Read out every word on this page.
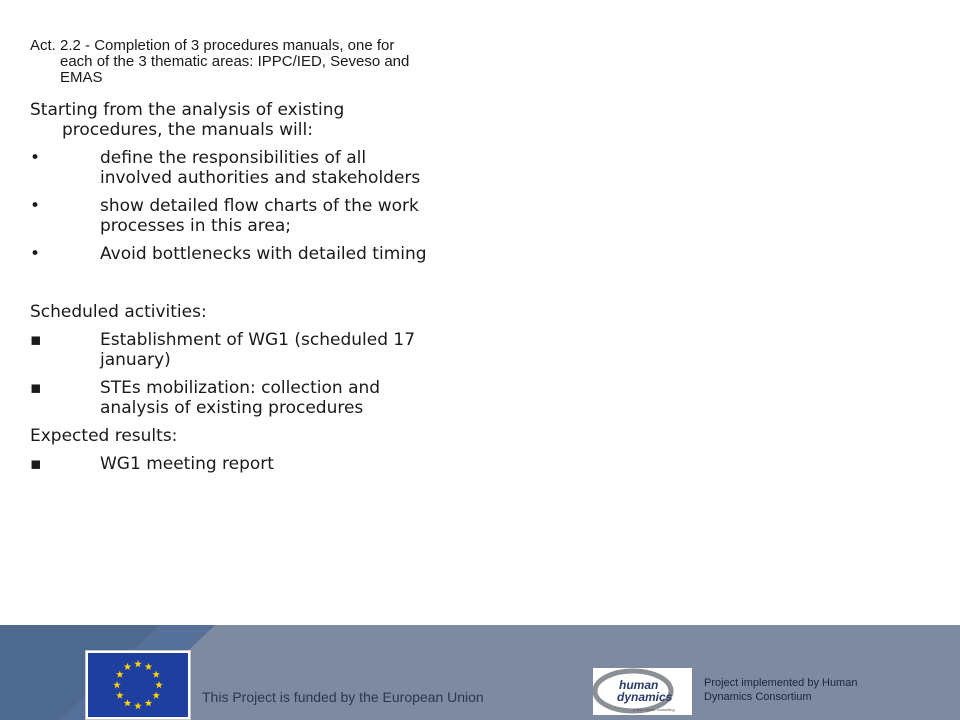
Act. 2.2 - Completion of 3 procedures manuals, one for each of the 3 thematic areas: IPPC/IED, Seveso and EMAS

Starting from the analysis of existing procedures, the manuals will:

•	define the responsibilities of all involved authorities and stakeholders
•	show detailed flow charts of the work processes in this area;
•	Avoid bottlenecks with detailed timing

Scheduled activities:

▪	Establishment of WG1 (scheduled 17 january)
▪	STEs mobilization: collection and analysis of existing procedures

Expected results:

▪	WG1 meeting report
This Project is funded by the European Union
human
dynamics
public sector consulting
Project implemented by Human Dynamics Consortium
